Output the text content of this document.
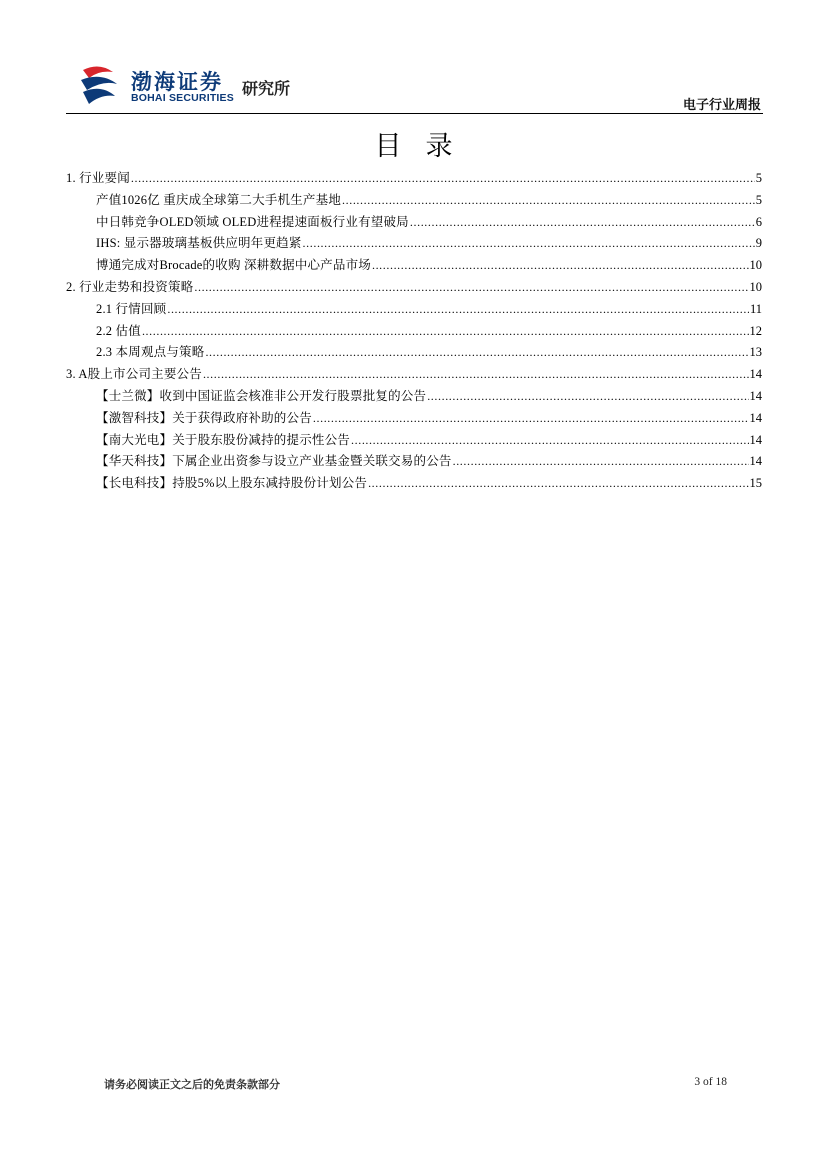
渤海证券
BOHAI SECURITIES 研究所
电子行业周报
目录
1. 行业要闻 .....	5
产值1026亿 重庆成全球第二大手机生产基地 .....	5
中日韩竞争OLED领域 OLED进程提速面板行业有望破局 .....	6
IHS: 显示器玻璃基板供应明年更趋紧 .....	9
博通完成对Brocade的收购 深耕数据中心产品市场 .....	10
2. 行业走势和投资策略 .....	10
2.1 行情回顾 .....	11
2.2 估值 .....	12
2.3 本周观点与策略 .....	13
3. A股上市公司主要公告 .....	14
【士兰微】收到中国证监会核准非公开发行股票批复的公告 .....	14
【激智科技】关于获得政府补助的公告 .....	14
【南大光电】关于股东股份减持的提示性公告 .....	14
【华天科技】下属企业出资参与设立产业基金暨关联交易的公告 .....	14
【长电科技】持股5%以上股东减持股份计划公告 .....	15
请务必阅读正文之后的免责条款部分	3 of 18
